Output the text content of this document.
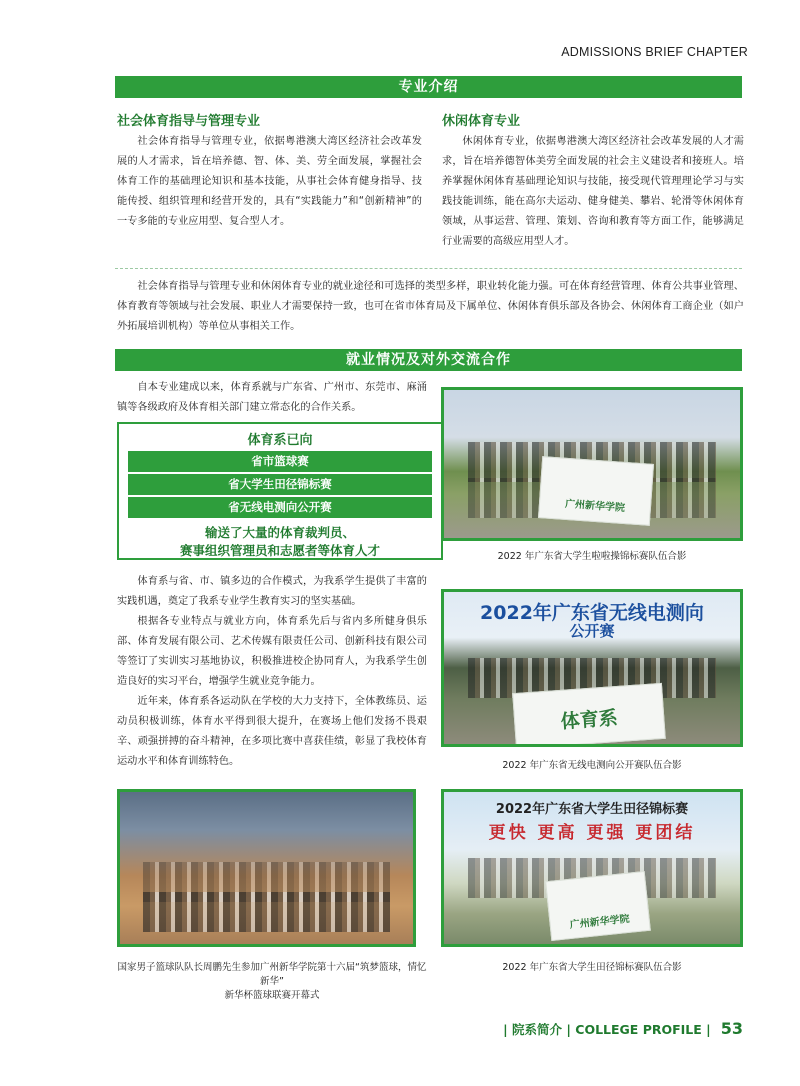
ADMISSIONS BRIEF CHAPTER
专业介绍
社会体育指导与管理专业	休闲体育专业
社会体育指导与管理专业，依据粤港澳大湾区经济社会改革发展的人才需求，旨在培养德、智、体、美、劳全面发展，掌握社会体育工作的基础理论知识和基本技能，从事社会体育健身指导、技能传授、组织管理和经营开发的，具有“实践能力”和“创新精神”的一专多能的专业应用型、复合型人才。
休闲体育专业，依据粤港澳大湾区经济社会改革发展的人才需求，旨在培养德智体美劳全面发展的社会主义建设者和接班人。培养掌握休闲体育基础理论知识与技能，接受现代管理理论学习与实践技能训练，能在高尔夫运动、健身健美、攀岩、轮滑等休闲体育领域，从事运营、管理、策划、咨询和教育等方面工作，能够满足行业需要的高级应用型人才。
社会体育指导与管理专业和休闲体育专业的就业途径和可选择的类型多样，职业转化能力强。可在体育经营管理、体育公共事业管理、体育教育等领域与社会发展、职业人才需要保持一致，也可在省市体育局及下属单位、休闲体育俱乐部及各协会、休闲体育工商企业（如户外拓展培训机构）等单位从事相关工作。
就业情况及对外交流合作
自本专业建成以来，体育系就与广东省、广州市、东莞市、麻涌镇等各级政府及体育相关部门建立常态化的合作关系。
体育系已向
省市篮球赛
省大学生田径锦标赛
省无线电测向公开赛
输送了大量的体育裁判员、
赛事组织管理员和志愿者等体育人才

体育系与省、市、镇多边的合作模式，为我系学生提供了丰富的实践机遇，奠定了我系专业学生教育实习的坚实基础。

根据各专业特点与就业方向，体育系先后与省内多所健身俱乐部、体育发展有限公司、艺术传媒有限责任公司、创新科技有限公司等签订了实训实习基地协议，积极推进校企协同育人，为我系学生创造良好的实习平台，增强学生就业竞争能力。

近年来，体育系各运动队在学校的大力支持下，全体教练员、运动员积极训练，体育水平得到很大提升，在赛场上他们发扬不畏艰辛、顽强拼搏的奋斗精神，在多项比赛中喜获佳绩，彰显了我校体育运动水平和体育训练特色。

广州新华学院
2022 年广东省大学生啦啦操锦标赛队伍合影
2022年广东省无线电测向
公开赛
体育系
2022 年广东省无线电测向公开赛队伍合影
国家男子篮球队队长周鹏先生参加广州新华学院第十六届“筑梦篮球，情忆新华”
新华杯篮球联赛开幕式
2022年广东省大学生田径锦标赛
更快 更高 更强 更团结
广州新华学院
2022 年广东省大学生田径锦标赛队伍合影
| 院系简介 | COLLEGE PROFILE | 53
